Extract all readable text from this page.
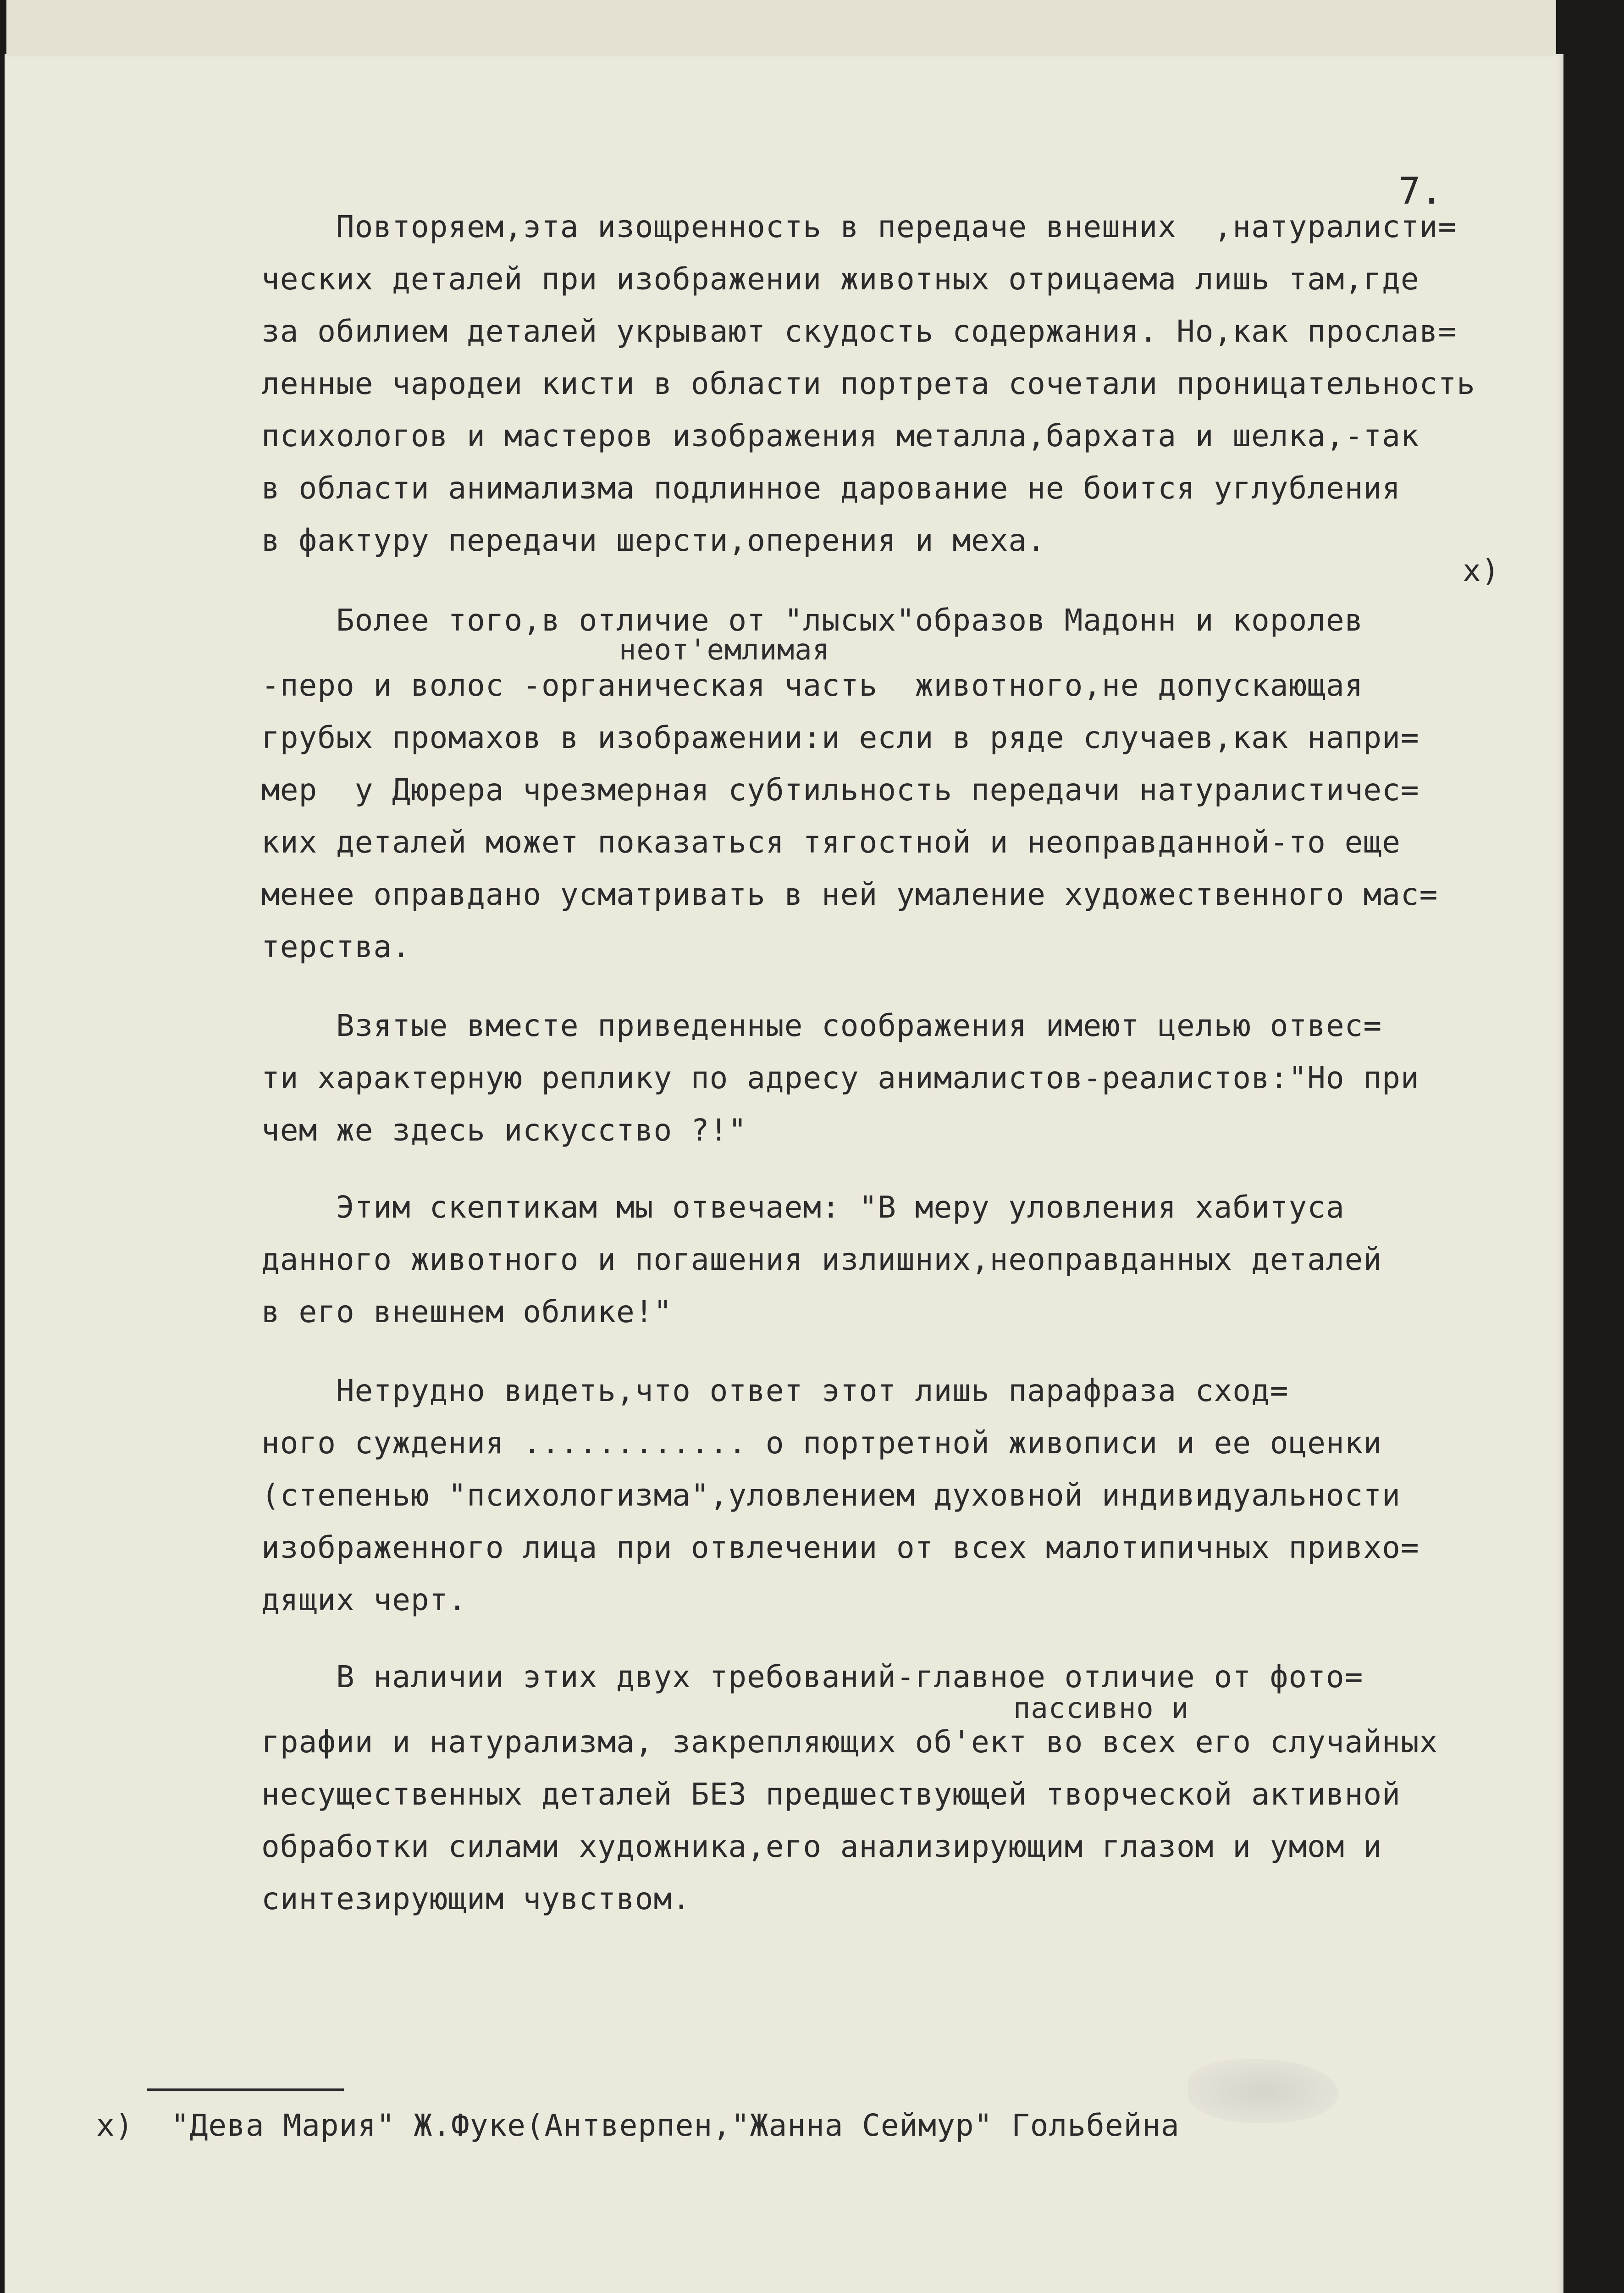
7.
Повторяем,эта изощренность в передаче внешних  ,натуралисти=
ческих деталей при изображении животных отрицаема лишь там,где
за обилием деталей укрывают скудость содержания. Но,как прослав=
ленные чародеи кисти в области портрета сочетали проницательность
психологов и мастеров изображения металла,бархата и шелка,-так
в области анимализма подлинное дарование не боится углубления
в фактуру передачи шерсти,оперения и меха.
x)
Более того,в отличие от "лысых"образов Мадонн и королев
неот'емлимая
-перо и волос -органическая часть  животного,не допускающая
грубых промахов в изображении:и если в ряде случаев,как напри=
мер  у Дюрера чрезмерная субтильность передачи натуралистичес=
ких деталей может показаться тягостной и неоправданной-то еще
менее оправдано усматривать в ней умаление художественного мас=
терства.
Взятые вместе приведенные соображения имеют целью отвес=
ти характерную реплику по адресу анималистов-реалистов:"Но при
чем же здесь искусство ?!"
Этим скептикам мы отвечаем: "В меру уловления хабитуса
данного животного и погашения излишних,неоправданных деталей
в его внешнем облике!"
Нетрудно видеть,что ответ этот лишь парафраза сход=
ного суждения ............ о портретной живописи и ее оценки
(степенью "психологизма",уловлением духовной индивидуальности
изображенного лица при отвлечении от всех малотипичных привхо=
дящих черт.
В наличии этих двух требований-главное отличие от фото=
пассивно и
графии и натурализма, закрепляющих об'ект во всех его случайных
несущественных деталей БЕЗ предшествующей творческой активной
обработки силами художника,его анализирующим глазом и умом и
синтезирующим чувством.
x)  "Дева Мария" Ж.Фуке(Антверпен,"Жанна Сеймур" Гольбейна
